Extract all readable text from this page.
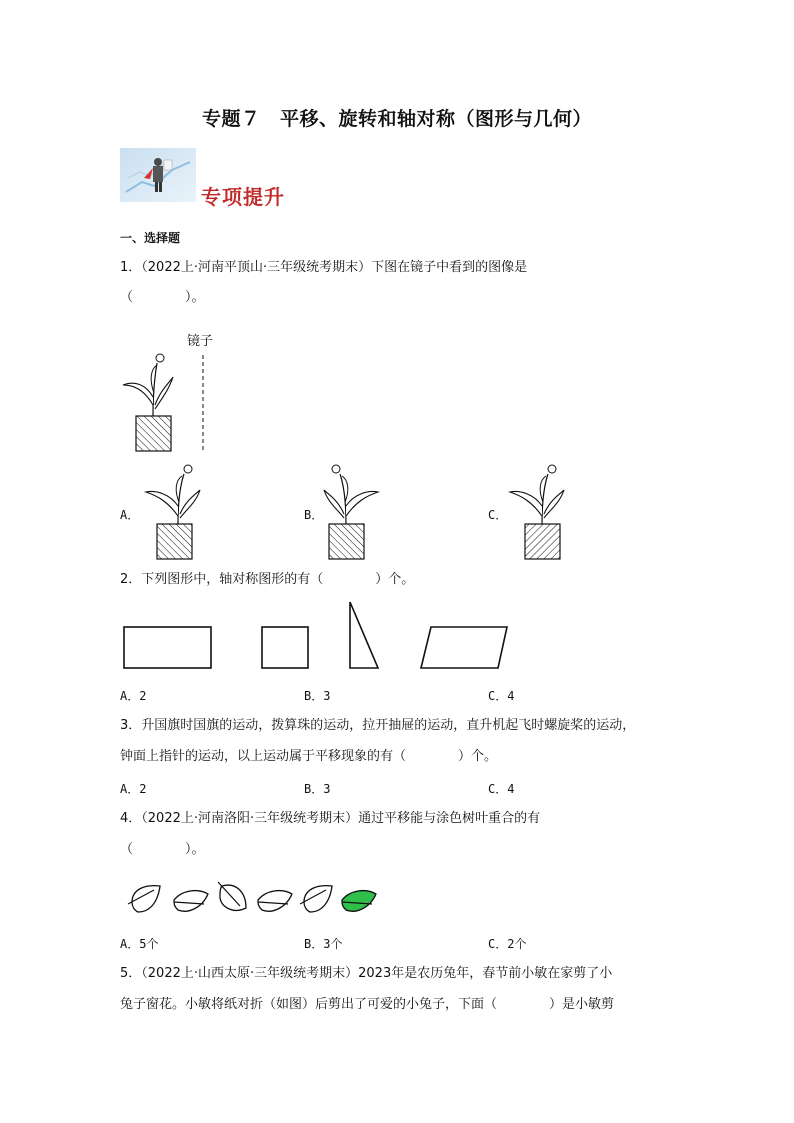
专题７　平移、旋转和轴对称（图形与几何）
专项提升
一、选择题
1．（2022上·河南平顶山·三年级统考期末）下图在镜子中看到的图像是
（　　　　）。
镜子
A．	B．	C．
2．下列图形中，轴对称图形的有（　　　　）个。
A．2	B．3	C．4
3．升国旗时国旗的运动，拨算珠的运动，拉开抽屉的运动，直升机起飞时螺旋桨的运动，
钟面上指针的运动，以上运动属于平移现象的有（　　　　）个。
A．2	B．3	C．4
4．（2022上·河南洛阳·三年级统考期末）通过平移能与涂色树叶重合的有
（　　　　）。
A．5个	B．3个	C．2个
5．（2022上·山西太原·三年级统考期末）2023年是农历兔年，春节前小敏在家剪了小
兔子窗花。小敏将纸对折（如图）后剪出了可爱的小兔子，下面（　　　　）是小敏剪
